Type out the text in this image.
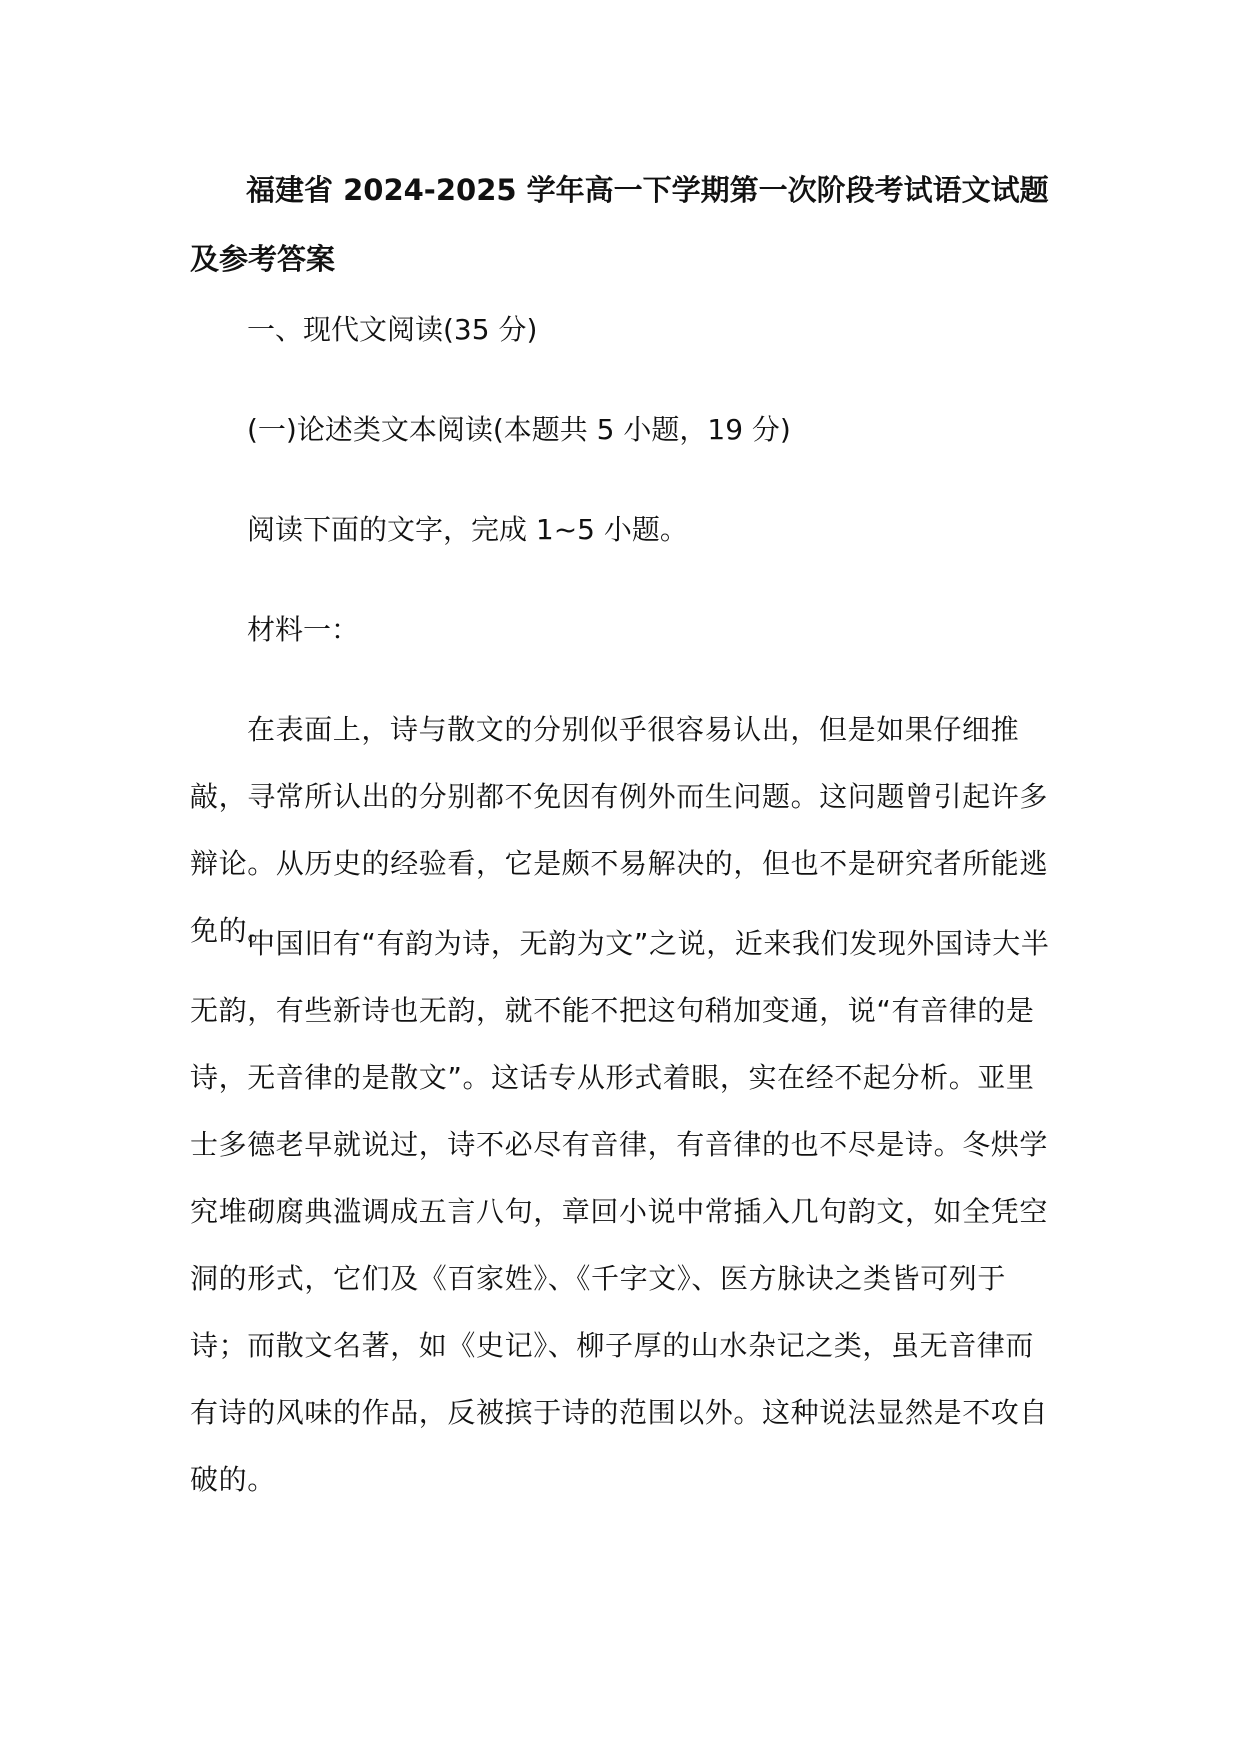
福建省 2024-2025 学年高一下学期第一次阶段考试语文试题及参考答案
一、现代文阅读(35 分)
(一)论述类文本阅读(本题共 5 小题，19 分)
阅读下面的文字，完成 1~5 小题。
材料一：
在表面上，诗与散文的分别似乎很容易认出，但是如果仔细推敲，寻常所认出的分别都不免因有例外而生问题。这问题曾引起许多辩论。从历史的经验看，它是颇不易解决的，但也不是研究者所能逃免的。
中国旧有“有韵为诗，无韵为文”之说，近来我们发现外国诗大半无韵，有些新诗也无韵，就不能不把这句稍加变通，说“有音律的是诗，无音律的是散文”。这话专从形式着眼，实在经不起分析。亚里士多德老早就说过，诗不必尽有音律，有音律的也不尽是诗。冬烘学究堆砌腐典滥调成五言八句，章回小说中常插入几句韵文，如全凭空洞的形式，它们及《百家姓》、《千字文》、医方脉诀之类皆可列于诗；而散文名著，如《史记》、柳子厚的山水杂记之类，虽无音律而有诗的风味的作品，反被摈于诗的范围以外。这种说法显然是不攻自破的。
